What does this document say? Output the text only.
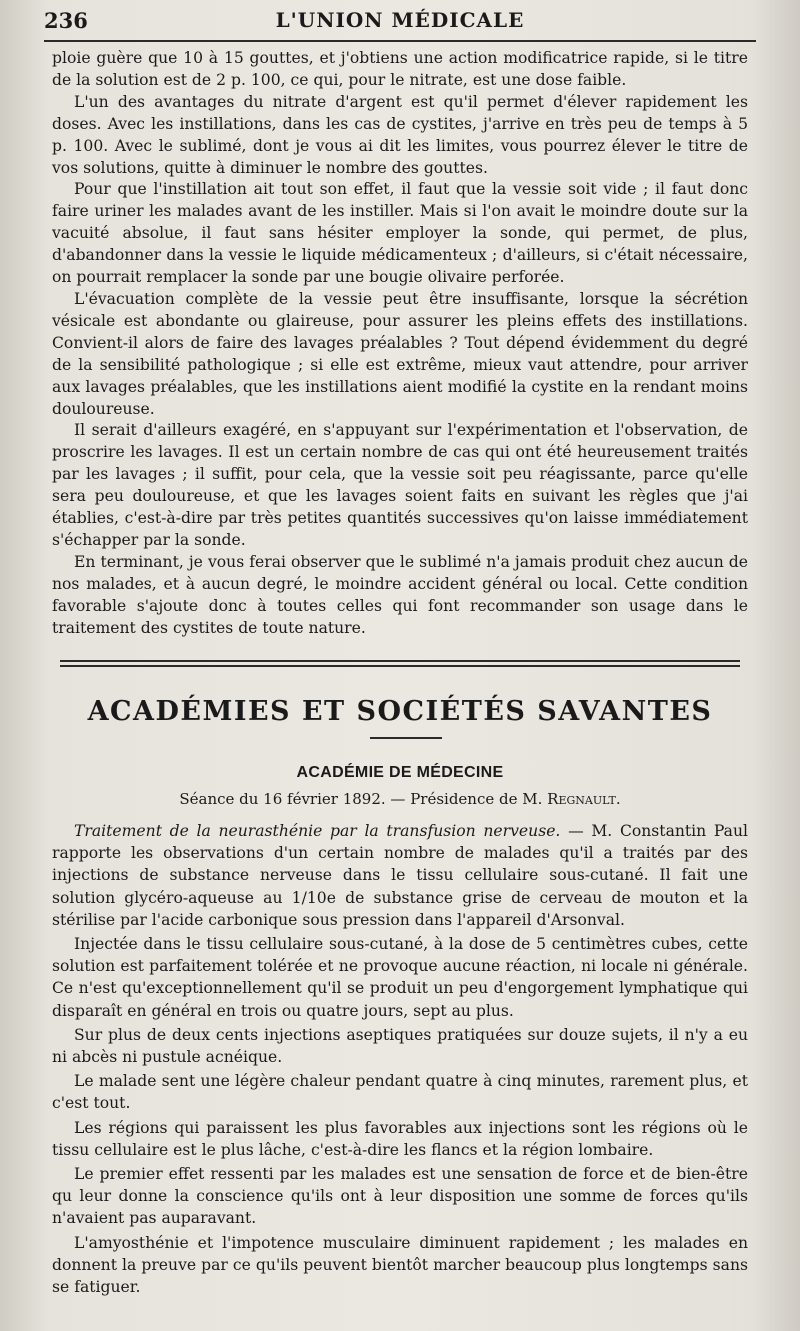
236	L'UNION MÉDICALE

ploie guère que 10 à 15 gouttes, et j'obtiens une action modificatrice rapide, si le titre de la solution est de 2 p. 100, ce qui, pour le nitrate, est une dose faible.

L'un des avantages du nitrate d'argent est qu'il permet d'élever rapidement les doses. Avec les instillations, dans les cas de cystites, j'arrive en très peu de temps à 5 p. 100. Avec le sublimé, dont je vous ai dit les limites, vous pourrez élever le titre de vos solutions, quitte à diminuer le nombre des gouttes.

Pour que l'instillation ait tout son effet, il faut que la vessie soit vide ; il faut donc faire uriner les malades avant de les instiller. Mais si l'on avait le moindre doute sur la vacuité absolue, il faut sans hésiter employer la sonde, qui permet, de plus, d'abandonner dans la vessie le liquide médicamenteux ; d'ailleurs, si c'était nécessaire, on pourrait remplacer la sonde par une bougie olivaire perforée.

L'évacuation complète de la vessie peut être insuffisante, lorsque la sécrétion vésicale est abondante ou glaireuse, pour assurer les pleins effets des instillations. Convient-il alors de faire des lavages préalables ? Tout dépend évidemment du degré de la sensibilité pathologique ; si elle est extrême, mieux vaut attendre, pour arriver aux lavages préalables, que les instillations aient modifié la cystite en la rendant moins douloureuse.

Il serait d'ailleurs exagéré, en s'appuyant sur l'expérimentation et l'observation, de proscrire les lavages. Il est un certain nombre de cas qui ont été heureusement traités par les lavages ; il suffit, pour cela, que la vessie soit peu réagissante, parce qu'elle sera peu douloureuse, et que les lavages soient faits en suivant les règles que j'ai établies, c'est-à-dire par très petites quantités successives qu'on laisse immédiatement s'échapper par la sonde.

En terminant, je vous ferai observer que le sublimé n'a jamais produit chez aucun de nos malades, et à aucun degré, le moindre accident général ou local. Cette condition favorable s'ajoute donc à toutes celles qui font recommander son usage dans le traitement des cystites de toute nature.

ACADÉMIES ET SOCIÉTÉS SAVANTES
ACADÉMIE DE MÉDECINE
Séance du 16 février 1892. — Présidence de M. Regnault.

Traitement de la neurasthénie par la transfusion nerveuse. — M. Constantin Paul rapporte les observations d'un certain nombre de malades qu'il a traités par des injections de substance nerveuse dans le tissu cellulaire sous-cutané. Il fait une solution glycéro-aqueuse au 1/10e de substance grise de cerveau de mouton et la stérilise par l'acide carbonique sous pression dans l'appareil d'Arsonval.

Injectée dans le tissu cellulaire sous-cutané, à la dose de 5 centimètres cubes, cette solution est parfaitement tolérée et ne provoque aucune réaction, ni locale ni générale. Ce n'est qu'exceptionnellement qu'il se produit un peu d'engorgement lymphatique qui disparaît en général en trois ou quatre jours, sept au plus.

Sur plus de deux cents injections aseptiques pratiquées sur douze sujets, il n'y a eu ni abcès ni pustule acnéique.

Le malade sent une légère chaleur pendant quatre à cinq minutes, rarement plus, et c'est tout.

Les régions qui paraissent les plus favorables aux injections sont les régions où le tissu cellulaire est le plus lâche, c'est-à-dire les flancs et la région lombaire.

Le premier effet ressenti par les malades est une sensation de force et de bien-être qu leur donne la conscience qu'ils ont à leur disposition une somme de forces qu'ils n'avaient pas auparavant.

L'amyosthénie et l'impotence musculaire diminuent rapidement ; les malades en donnent la preuve par ce qu'ils peuvent bientôt marcher beaucoup plus longtemps sans se fatiguer.
